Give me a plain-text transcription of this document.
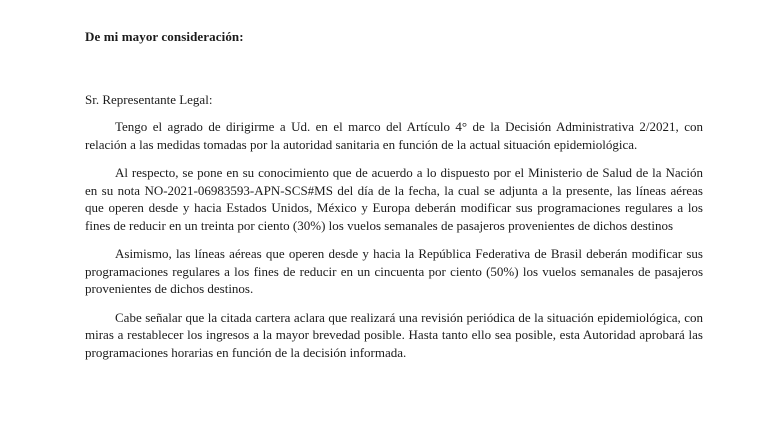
De mi mayor consideración:

Sr. Representante Legal:

Tengo el agrado de dirigirme a Ud. en el marco del Artículo 4° de la Decisión Administrativa 2/2021, con relación a las medidas tomadas por la autoridad sanitaria en función de la actual situación epidemiológica.

Al respecto, se pone en su conocimiento que de acuerdo a lo dispuesto por el Ministerio de Salud de la Nación en su nota NO-2021-06983593-APN-SCS#MS del día de la fecha, la cual se adjunta a la presente, las líneas aéreas que operen desde y hacia Estados Unidos, México y Europa deberán modificar sus programaciones regulares a los fines de reducir en un treinta por ciento (30%) los vuelos semanales de pasajeros provenientes de dichos destinos

Asimismo, las líneas aéreas que operen desde y hacia la República Federativa de Brasil deberán modificar sus programaciones regulares a los fines de reducir en un cincuenta por ciento (50%) los vuelos semanales de pasajeros provenientes de dichos destinos.

Cabe señalar que la citada cartera aclara que realizará una revisión periódica de la situación epidemiológica, con miras a restablecer los ingresos a la mayor brevedad posible. Hasta tanto ello sea posible, esta Autoridad aprobará las programaciones horarias en función de la decisión informada.
